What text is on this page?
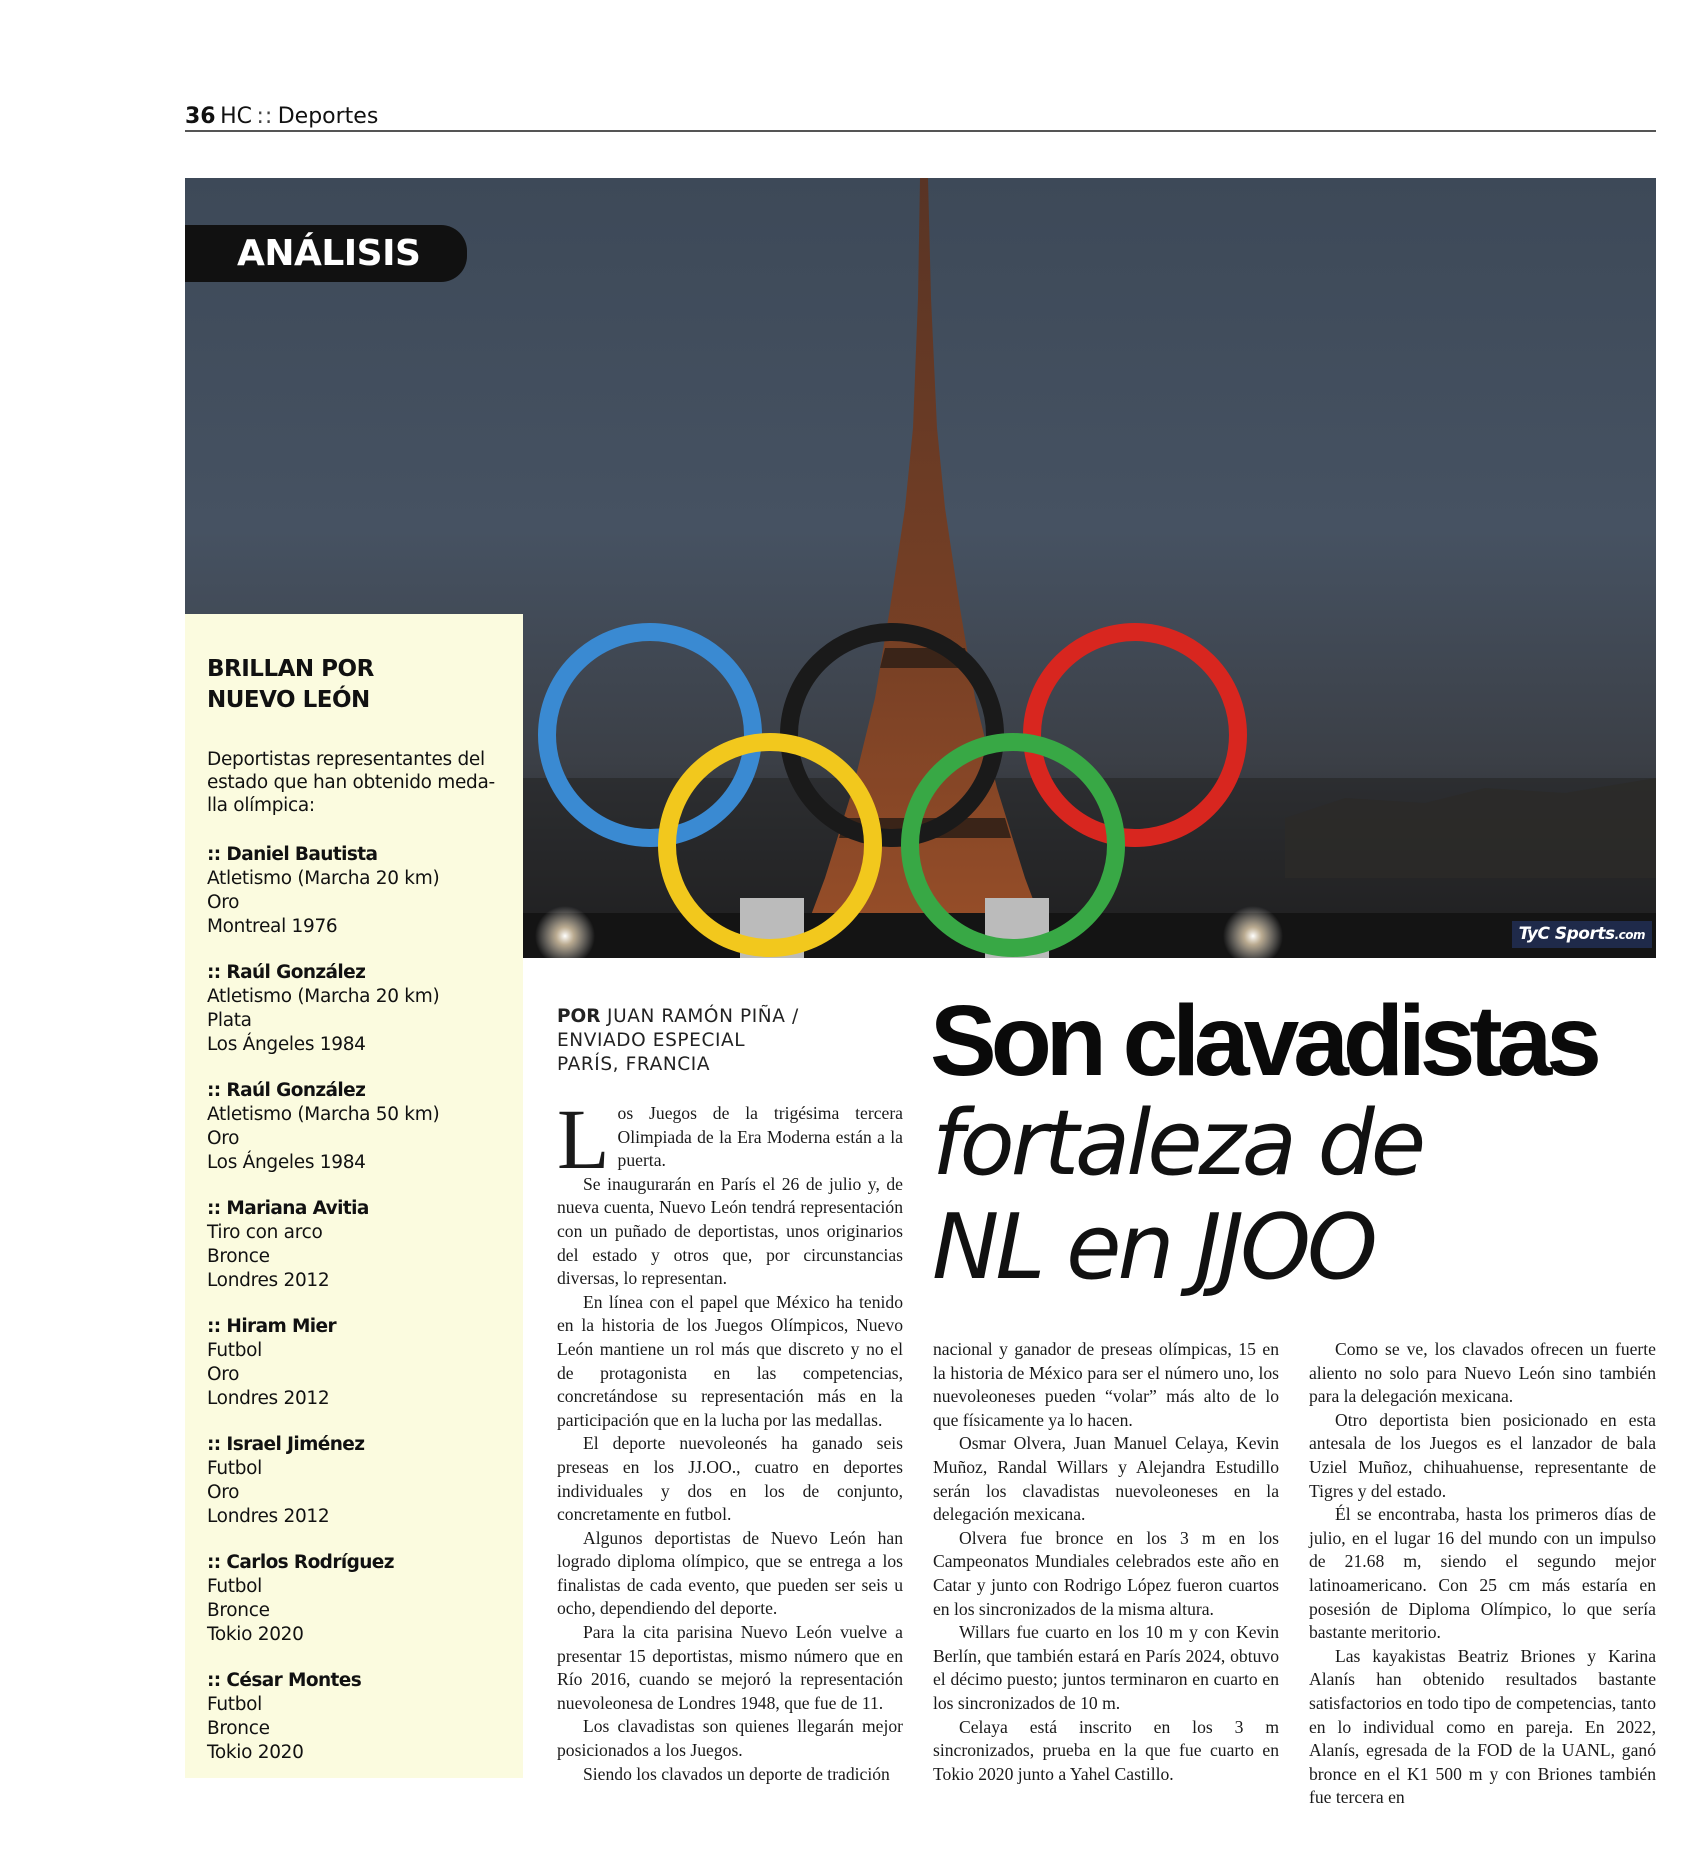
36 HC :: Deportes
ANÁLISIS
TyC Sports.com
BRILLAN POR
NUEVO LEÓN
Deportistas representantes del
estado que han obtenido meda-
lla olímpica:
:: Daniel Bautista
Atletismo (Marcha 20 km)
Oro
Montreal 1976
:: Raúl González
Atletismo (Marcha 20 km)
Plata
Los Ángeles 1984
:: Raúl González
Atletismo (Marcha 50 km)
Oro
Los Ángeles 1984
:: Mariana Avitia
Tiro con arco
Bronce
Londres 2012
:: Hiram Mier
Futbol
Oro
Londres 2012
:: Israel Jiménez
Futbol
Oro
Londres 2012
:: Carlos Rodríguez
Futbol
Bronce
Tokio 2020
:: César Montes
Futbol
Bronce
Tokio 2020
POR JUAN RAMÓN PIÑA /
ENVIADO ESPECIAL
PARÍS, FRANCIA	Son clavadistas
fortaleza de
NL en JJOO

Los Juegos de la trigésima tercera Olimpiada de la Era Moderna están a la puerta.

Se inaugurarán en París el 26 de julio y, de nueva cuenta, Nuevo León tendrá representación con un puñado de deportistas, unos originarios del estado y otros que, por circunstancias diversas, lo representan.

En línea con el papel que México ha tenido en la historia de los Juegos Olímpicos, Nuevo León mantiene un rol más que discreto y no el de protagonista en las competencias, concretándose su representación más en la participación que en la lucha por las medallas.

El deporte nuevoleonés ha ganado seis preseas en los JJ.OO., cuatro en deportes individuales y dos en los de conjunto, concretamente en futbol.

Algunos deportistas de Nuevo León han logrado diploma olímpico, que se entrega a los finalistas de cada evento, que pueden ser seis u ocho, dependiendo del deporte.

Para la cita parisina Nuevo León vuelve a presentar 15 deportistas, mismo número que en Río 2016, cuando se mejoró la representación nuevoleonesa de Londres 1948, que fue de 11.

Los clavadistas son quienes llegarán mejor posicionados a los Juegos.

Siendo los clavados un deporte de tradición

nacional y ganador de preseas olímpicas, 15 en la historia de México para ser el número uno, los nuevoleoneses pueden “volar” más alto de lo que físicamente ya lo hacen.

Osmar Olvera, Juan Manuel Celaya, Kevin Muñoz, Randal Willars y Alejandra Estudillo serán los clavadistas nuevoleoneses en la delegación mexicana.

Olvera fue bronce en los 3 m en los Campeonatos Mundiales celebrados este año en Catar y junto con Rodrigo López fueron cuartos en los sincronizados de la misma altura.

Willars fue cuarto en los 10 m y con Kevin Berlín, que también estará en París 2024, obtuvo el décimo puesto; juntos terminaron en cuarto en los sincronizados de 10 m.

Celaya está inscrito en los 3 m sincronizados, prueba en la que fue cuarto en Tokio 2020 junto a Yahel Castillo.

Como se ve, los clavados ofrecen un fuerte aliento no solo para Nuevo León sino también para la delegación mexicana.

Otro deportista bien posicionado en esta antesala de los Juegos es el lanzador de bala Uziel Muñoz, chihuahuense, representante de Tigres y del estado.

Él se encontraba, hasta los primeros días de julio, en el lugar 16 del mundo con un impulso de 21.68 m, siendo el segundo mejor latinoamericano. Con 25 cm más estaría en posesión de Diploma Olímpico, lo que sería bastante meritorio.

Las kayakistas Beatriz Briones y Karina Alanís han obtenido resultados bastante satisfactorios en todo tipo de competencias, tanto en lo individual como en pareja. En 2022, Alanís, egresada de la FOD de la UANL, ganó bronce en el K1 500 m y con Briones también fue tercera en
